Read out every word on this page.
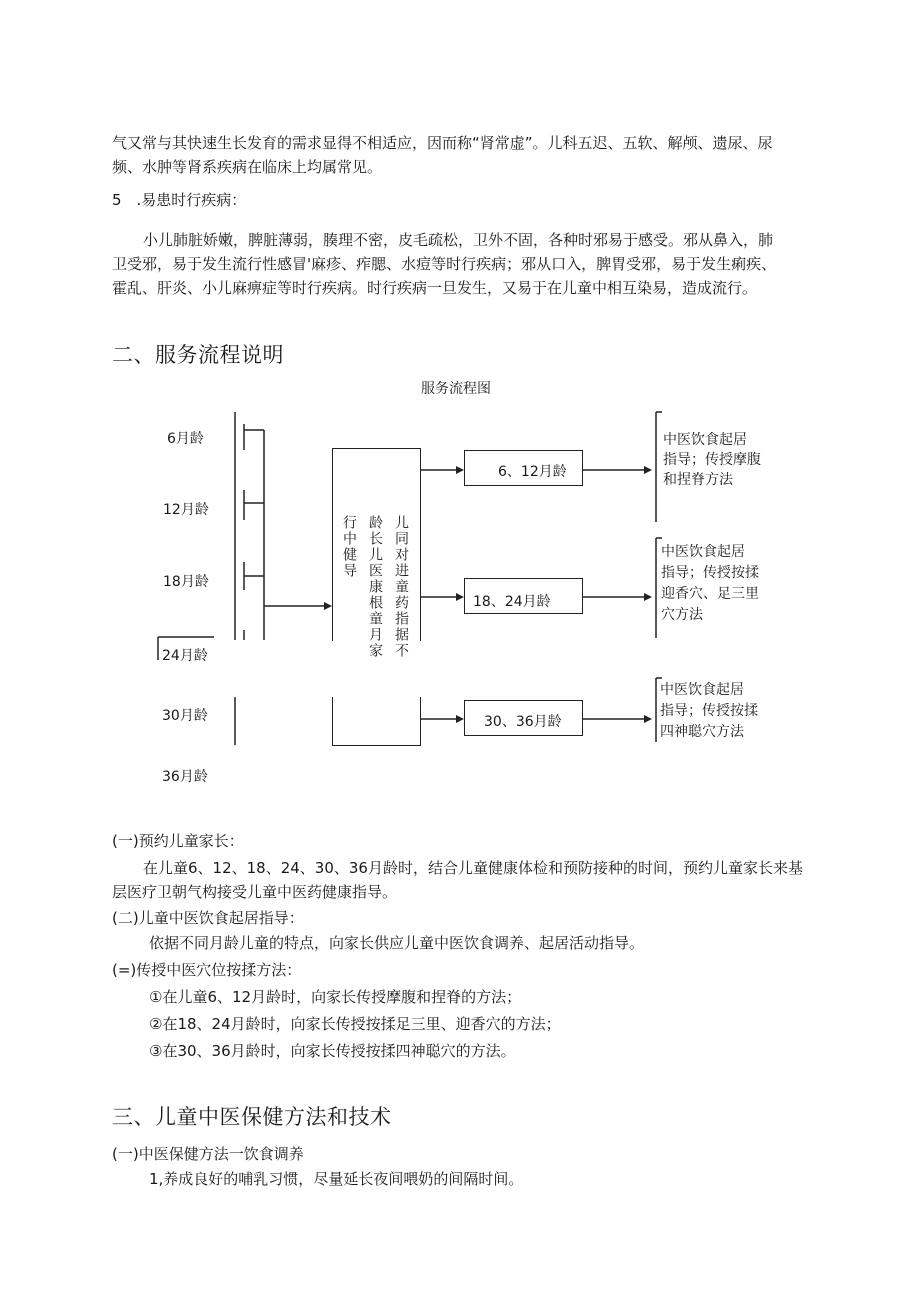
气又常与其快速生长发育的需求显得不相适应，因而称“肾常虚”。儿科五迟、五软、解颅、遗尿、尿
频、水肿等肾系疾病在临床上均属常见。
5　.易患时行疾病：
小儿肺脏娇嫩，脾脏薄弱，腠理不密，皮毛疏松，卫外不固，各种时邪易于感受。邪从鼻入，肺
卫受邪，易于发生流行性感冒'麻疹、痄腮、水痘等时行疾病；邪从口入，脾胃受邪，易于发生痢疾、
霍乱、肝炎、小儿麻痹症等时行疾病。时行疾病一旦发生，又易于在儿童中相互染易，造成流行。
二、服务流程说明
服务流程图
6月龄
12月龄
18月龄
24月龄
30月龄
36月龄
儿同对进童药指据不
龄长儿医康根童月家
行中健导
6、12月龄
18、24月龄
30、36月龄
中医饮食起居
指导；传授摩腹
和捏脊方法
中医饮食起居
指导；传授按揉
迎香穴、足三里
穴方法
中医饮食起居
指导；传授按揉
四神聪穴方法
(一)预约儿童家长：
在儿童6、12、18、24、30、36月龄时，结合儿童健康体检和预防接种的时间，预约儿童家长来基
层医疗卫朝气构接受儿童中医药健康指导。
(二)儿童中医饮食起居指导：
依据不同月龄儿童的特点，向家长供应儿童中医饮食调养、起居活动指导。
(=)传授中医穴位按揉方法：
①在儿童6、12月龄时，向家长传授摩腹和捏脊的方法；
②在18、24月龄时，向家长传授按揉足三里、迎香穴的方法；
③在30、36月龄时，向家长传授按揉四神聪穴的方法。
三、儿童中医保健方法和技术
(一)中医保健方法一饮食调养
1,养成良好的哺乳习惯，尽量延长夜间喂奶的间隔时间。
